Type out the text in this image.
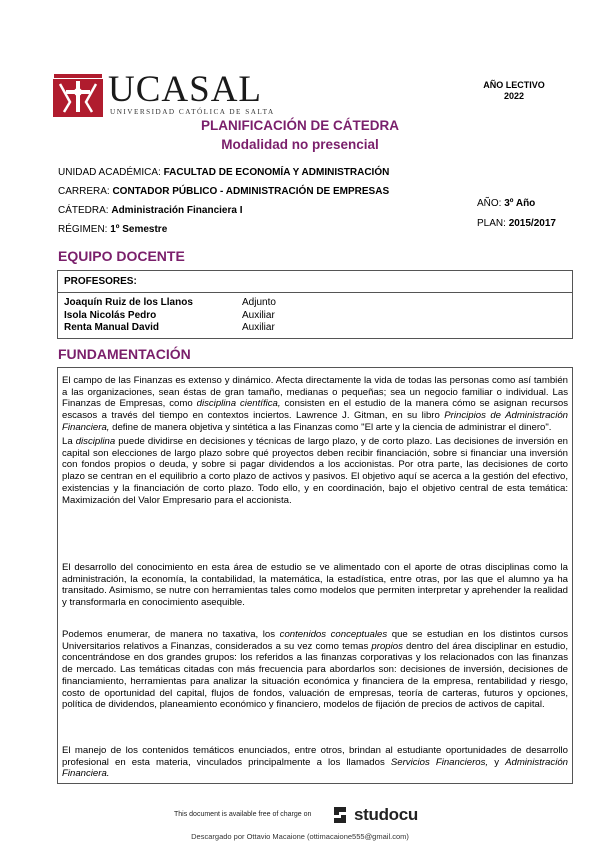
UCASAL
UNIVERSIDAD CATÓLICA DE SALTA
AÑO LECTIVO
2022
PLANIFICACIÓN DE CÁTEDRA
Modalidad no presencial
UNIDAD ACADÉMICA: FACULTAD DE ECONOMÍA Y ADMINISTRACIÓN
CARRERA: CONTADOR PÚBLICO - ADMINISTRACIÓN DE EMPRESAS
CÁTEDRA: Administración Financiera I
RÉGIMEN: 1º Semestre
AÑO: 3º Año
PLAN: 2015/2017
EQUIPO DOCENTE
PROFESORES:
Joaquín Ruiz de los Llanos	Adjunto
Isola Nicolás Pedro	Auxiliar
Renta Manual David	Auxiliar
FUNDAMENTACIÓN
El campo de las Finanzas es extenso y dinámico. Afecta directamente la vida de todas las personas como así también a las organizaciones, sean éstas de gran tamaño, medianas o pequeñas; sea un negocio familiar o individual. Las Finanzas de Empresas, como disciplina científica, consisten en el estudio de la manera cómo se asignan recursos escasos a través del tiempo en contextos inciertos. Lawrence J. Gitman, en su libro Principios de Administración Financiera, define de manera objetiva y sintética a las Finanzas como "El arte y la ciencia de administrar el dinero".
La disciplina puede dividirse en decisiones y técnicas de largo plazo, y de corto plazo. Las decisiones de inversión en capital son elecciones de largo plazo sobre qué proyectos deben recibir financiación, sobre si financiar una inversión con fondos propios o deuda, y sobre si pagar dividendos a los accionistas. Por otra parte, las decisiones de corto plazo se centran en el equilibrio a corto plazo de activos y pasivos. El objetivo aquí se acerca a la gestión del efectivo, existencias y la financiación de corto plazo. Todo ello, y en coordinación, bajo el objetivo central de esta temática: Maximización del Valor Empresario para el accionista.
El desarrollo del conocimiento en esta área de estudio se ve alimentado con el aporte de otras disciplinas como la administración, la economía, la contabilidad, la matemática, la estadística, entre otras, por las que el alumno ya ha transitado. Asimismo, se nutre con herramientas tales como modelos que permiten interpretar y aprehender la realidad y transformarla en conocimiento asequible.
Podemos enumerar, de manera no taxativa, los contenidos conceptuales que se estudian en los distintos cursos Universitarios relativos a Finanzas, considerados a su vez como temas propios dentro del área disciplinar en estudio, concentrándose en dos grandes grupos: los referidos a las finanzas corporativas y los relacionados con las finanzas de mercado. Las temáticas citadas con más frecuencia para abordarlos son: decisiones de inversión, decisiones de financiamiento, herramientas para analizar la situación económica y financiera de la empresa, rentabilidad y riesgo, costo de oportunidad del capital, flujos de fondos, valuación de empresas, teoría de carteras, futuros y opciones, política de dividendos, planeamiento económico y financiero, modelos de fijación de precios de activos de capital.
El manejo de los contenidos temáticos enunciados, entre otros, brindan al estudiante oportunidades de desarrollo profesional en esta materia, vinculados principalmente a los llamados Servicios Financieros, y Administración Financiera.
This document is available free of charge on	studocu
Descargado por Ottavio Macaione (ottimacaione555@gmail.com)
